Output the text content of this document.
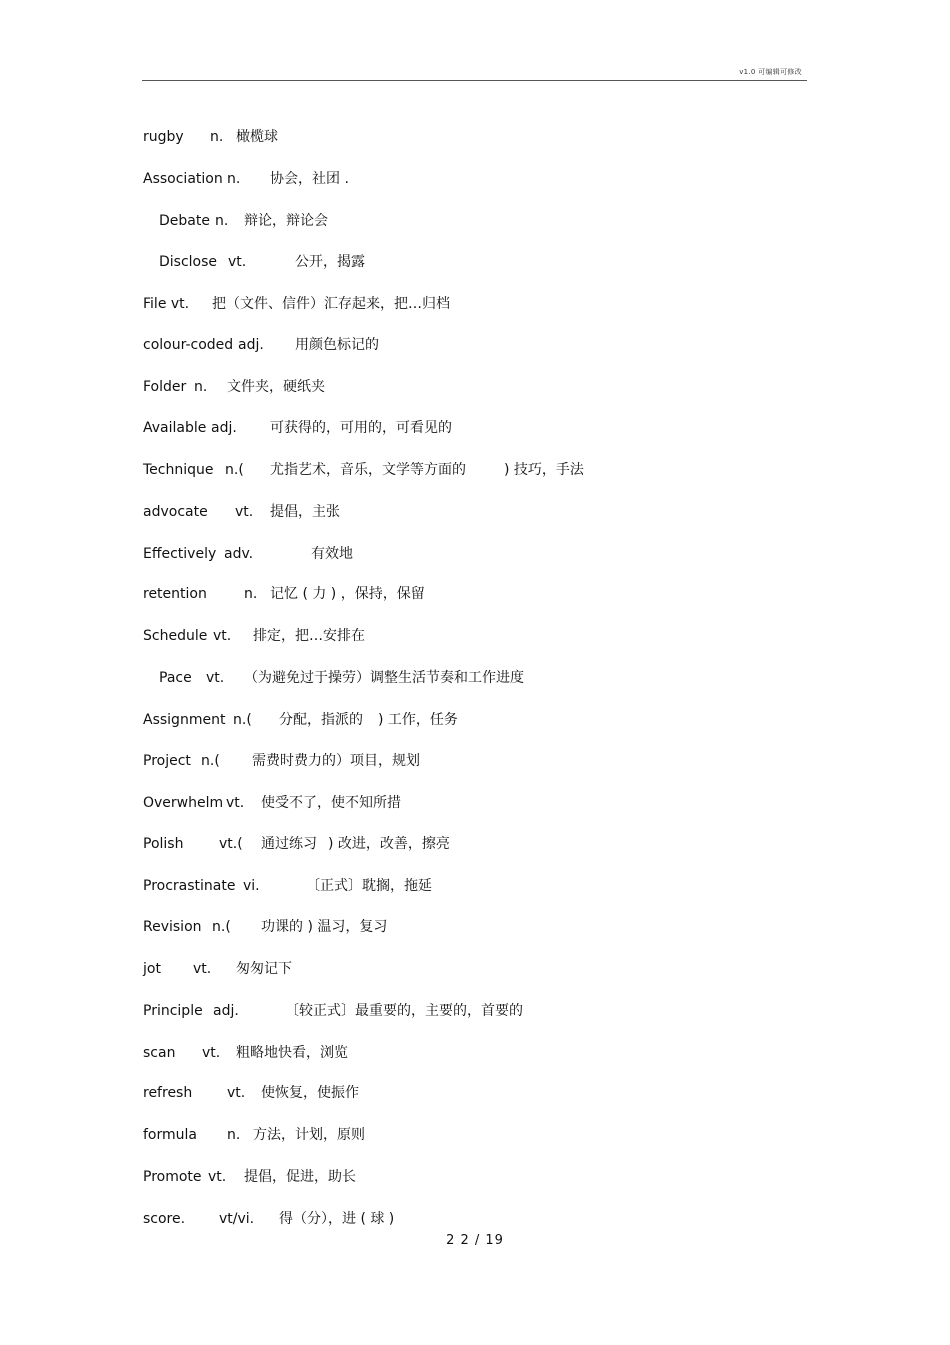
v1.0 可编辑可修改
rugby n. 橄榄球
Association n. 协会，社团 .
Debate n. 辩论，辩论会
Disclose vt.	公开，揭露
File vt. 把（文件、信件）汇存起来，把…归档
colour-coded adj. 用颜色标记的
Folder n. 文件夹，硬纸夹
Available adj. 可获得的，可用的，可看见的
Technique n.( 尤指艺术，音乐，文学等方面的	) 技巧，手法
advocate vt. 提倡，主张
Effectively adv.	有效地
retention	n. 记忆 ( 力 ) ，保持，保留
Schedule vt. 排定，把…安排在
Pace vt. （为避免过于操劳）调整生活节奏和工作进度
Assignment n.( 分配，指派的 ) 工作，任务
Project n.( 需费时费力的）项目，规划
Overwhelm vt. 使受不了，使不知所措
Polish	vt.( 通过练习 ) 改进，改善，擦亮
Procrastinate vi.	〔正式〕耽搁，拖延
Revision n.( 功课的 ) 温习，复习
jot vt. 匆匆记下
Principle adj.	〔较正式〕最重要的，主要的，首要的
scan vt. 粗略地快看，浏览
refresh vt. 使恢复，使振作
formula n. 方法，计划，原则
Promote vt. 提倡，促进，助长
score. vt/vi. 得（分），进 ( 球 )
2 2 / 19
